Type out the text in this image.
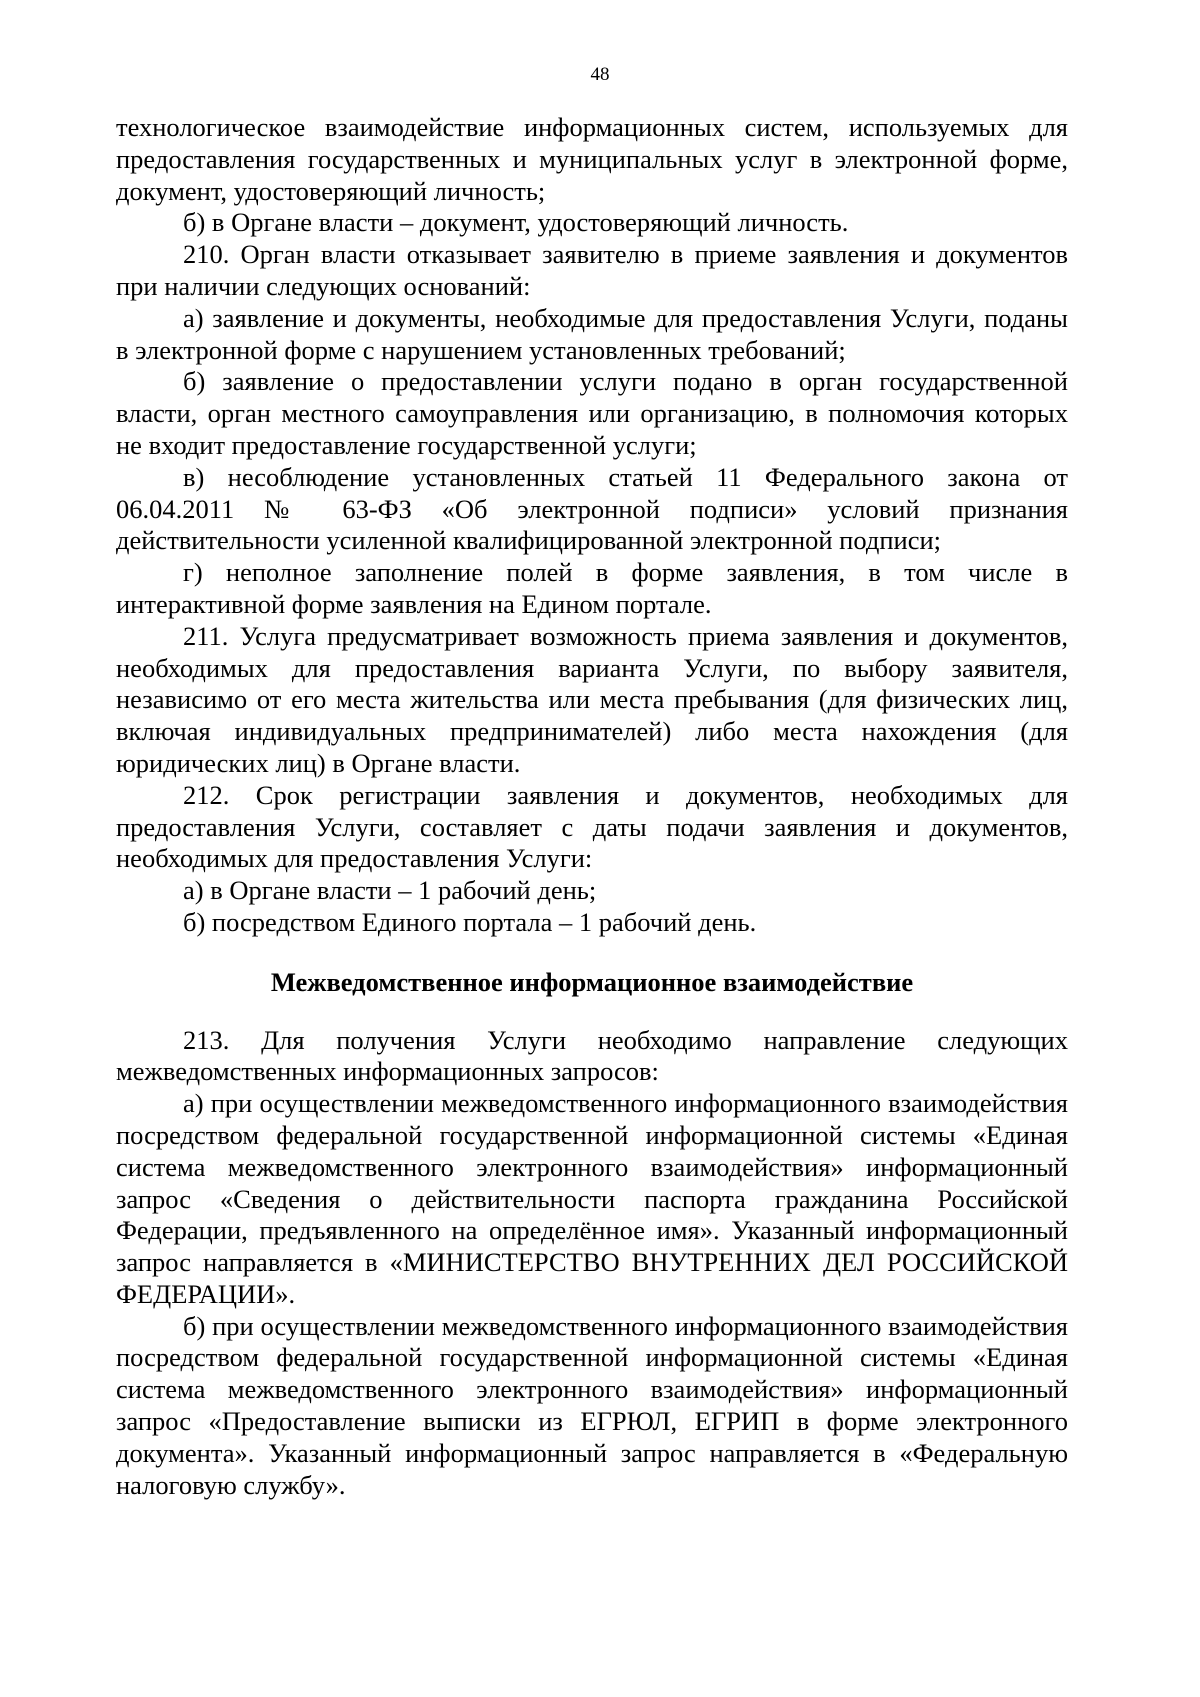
48

технологическое взаимодействие информационных систем, используемых для предоставления государственных и муниципальных услуг в электронной форме, документ, удостоверяющий личность;

б) в Органе власти – документ, удостоверяющий личность.

210. Орган власти отказывает заявителю в приеме заявления и документов при наличии следующих оснований:

а) заявление и документы, необходимые для предоставления Услуги, поданы в электронной форме с нарушением установленных требований;

б) заявление о предоставлении услуги подано в орган государственной власти, орган местного самоуправления или организацию, в полномочия которых не входит предоставление государственной услуги;

в) несоблюдение установленных статьей 11 Федерального закона от 06.04.2011 № 63-ФЗ «Об электронной подписи» условий признания действительности усиленной квалифицированной электронной подписи;

г) неполное заполнение полей в форме заявления, в том числе в интерактивной форме заявления на Едином портале.

211. Услуга предусматривает возможность приема заявления и документов, необходимых для предоставления варианта Услуги, по выбору заявителя, независимо от его места жительства или места пребывания (для физических лиц, включая индивидуальных предпринимателей) либо места нахождения (для юридических лиц) в Органе власти.

212. Срок регистрации заявления и документов, необходимых для предоставления Услуги, составляет с даты подачи заявления и документов, необходимых для предоставления Услуги:

а) в Органе власти – 1 рабочий день;

б) посредством Единого портала – 1 рабочий день.

Межведомственное информационное взаимодействие

213. Для получения Услуги необходимо направление следующих межведомственных информационных запросов:

а) при осуществлении межведомственного информационного взаимодействия посредством федеральной государственной информационной системы «Единая система межведомственного электронного взаимодействия» информационный запрос «Сведения о действительности паспорта гражданина Российской Федерации, предъявленного на определённое имя». Указанный информационный запрос направляется в «МИНИСТЕРСТВО ВНУТРЕННИХ ДЕЛ РОССИЙСКОЙ ФЕДЕРАЦИИ».

б) при осуществлении межведомственного информационного взаимодействия посредством федеральной государственной информационной системы «Единая система межведомственного электронного взаимодействия» информационный запрос «Предоставление выписки из ЕГРЮЛ, ЕГРИП в форме электронного документа». Указанный информационный запрос направляется в «Федеральную налоговую службу».
